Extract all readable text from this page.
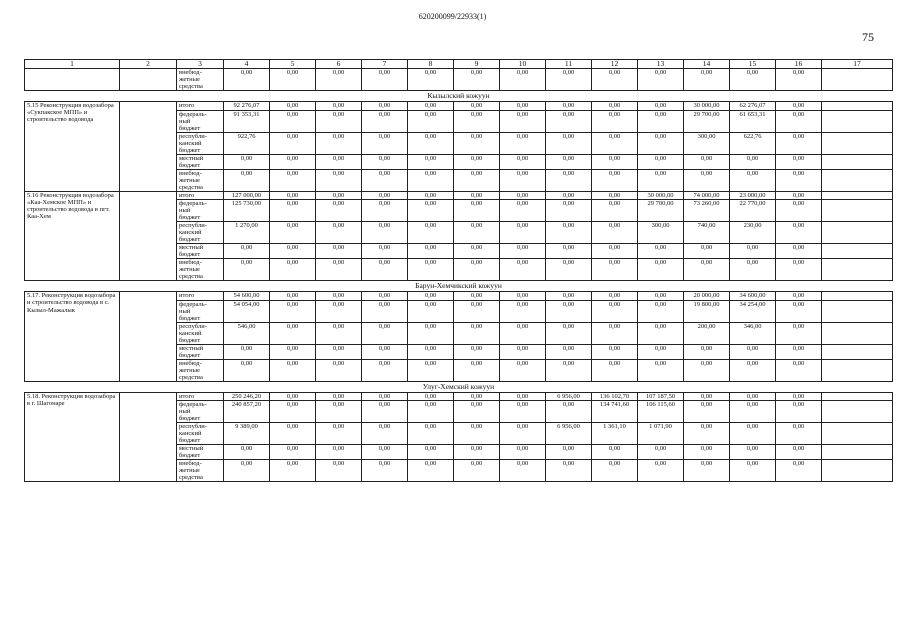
620200099/22933(1)
75
1	2	3	4	5	6	7	8	9	10	11	12	13	14	15	16	17
		внебюд-
жетные
средства	0,00	0,00	0,00	0,00	0,00	0,00	0,00	0,00	0,00	0,00	0,00	0,00	0,00	
Кызылский кожуун																
5.15 Реконструкция водозабора «Сукпакское МПП» и строительство водовода		итого	92 276,07	0,00	0,00	0,00	0,00	0,00	0,00	0,00	0,00	0,00	30 000,00	62 276,07	0,00	
		федераль-
ный
бюджет	91 353,31	0,00	0,00	0,00	0,00	0,00	0,00	0,00	0,00	0,00	29 700,00	61 653,31	0,00	
		республи-
канский
бюджет	922,76	0,00	0,00	0,00	0,00	0,00	0,00	0,00	0,00	0,00	300,00	622,76	0,00	
		местный
бюджет	0,00	0,00	0,00	0,00	0,00	0,00	0,00	0,00	0,00	0,00	0,00	0,00	0,00	
		внебюд-
жетные
средства	0,00	0,00	0,00	0,00	0,00	0,00	0,00	0,00	0,00	0,00	0,00	0,00	0,00	
5.16 Реконструкция водозабора «Каа-Хемское МПП» и строительство водовода в пгт. Каа-Хем		итого	127 000,00	0,00	0,00	0,00	0,00	0,00	0,00	0,00	0,00	30 000,00	74 000,00	23 000,00	0,00	
		федераль-
ный
бюджет	125 730,00	0,00	0,00	0,00	0,00	0,00	0,00	0,00	0,00	29 700,00	73 260,00	22 770,00	0,00	
		республи-
канский
бюджет	1 270,00	0,00	0,00	0,00	0,00	0,00	0,00	0,00	0,00	300,00	740,00	230,00	0,00	
		местный
бюджет	0,00	0,00	0,00	0,00	0,00	0,00	0,00	0,00	0,00	0,00	0,00	0,00	0,00	
		внебюд-
жетные
средства	0,00	0,00	0,00	0,00	0,00	0,00	0,00	0,00	0,00	0,00	0,00	0,00	0,00	
Барун-Хемчикский кожуун																
5.17. Реконструкция водозабора и строительство водовода в с. Кызыл-Мажалык		итого	54 600,00	0,00	0,00	0,00	0,00	0,00	0,00	0,00	0,00	0,00	20 000,00	34 600,00	0,00	
		федераль-
ный
бюджет	54 054,00	0,00	0,00	0,00	0,00	0,00	0,00	0,00	0,00	0,00	19 800,00	34 254,00	0,00	
		республи-
канский
бюджет	546,00	0,00	0,00	0,00	0,00	0,00	0,00	0,00	0,00	0,00	200,00	346,00	0,00	
		местный
бюджет	0,00	0,00	0,00	0,00	0,00	0,00	0,00	0,00	0,00	0,00	0,00	0,00	0,00	
		внебюд-
жетные
средства	0,00	0,00	0,00	0,00	0,00	0,00	0,00	0,00	0,00	0,00	0,00	0,00	0,00	
Улуг-Хемский кожуун																
5.18. Реконструкция водозабора в г. Шагонаре		итого	250 246,20	0,00	0,00	0,00	0,00	0,00	0,00	6 956,00	136 102,70	107 187,50	0,00	0,00	0,00	
		федераль-
ный
бюджет	240 857,20	0,00	0,00	0,00	0,00	0,00	0,00	0,00	134 741,60	106 115,60	0,00	0,00	0,00	
		республи-
канский
бюджет	9 389,00	0,00	0,00	0,00	0,00	0,00	0,00	6 956,00	1 361,10	1 071,90	0,00	0,00	0,00	
		местный
бюджет	0,00	0,00	0,00	0,00	0,00	0,00	0,00	0,00	0,00	0,00	0,00	0,00	0,00	
		внебюд-
жетные
средства	0,00	0,00	0,00	0,00	0,00	0,00	0,00	0,00	0,00	0,00	0,00	0,00	0,00	
